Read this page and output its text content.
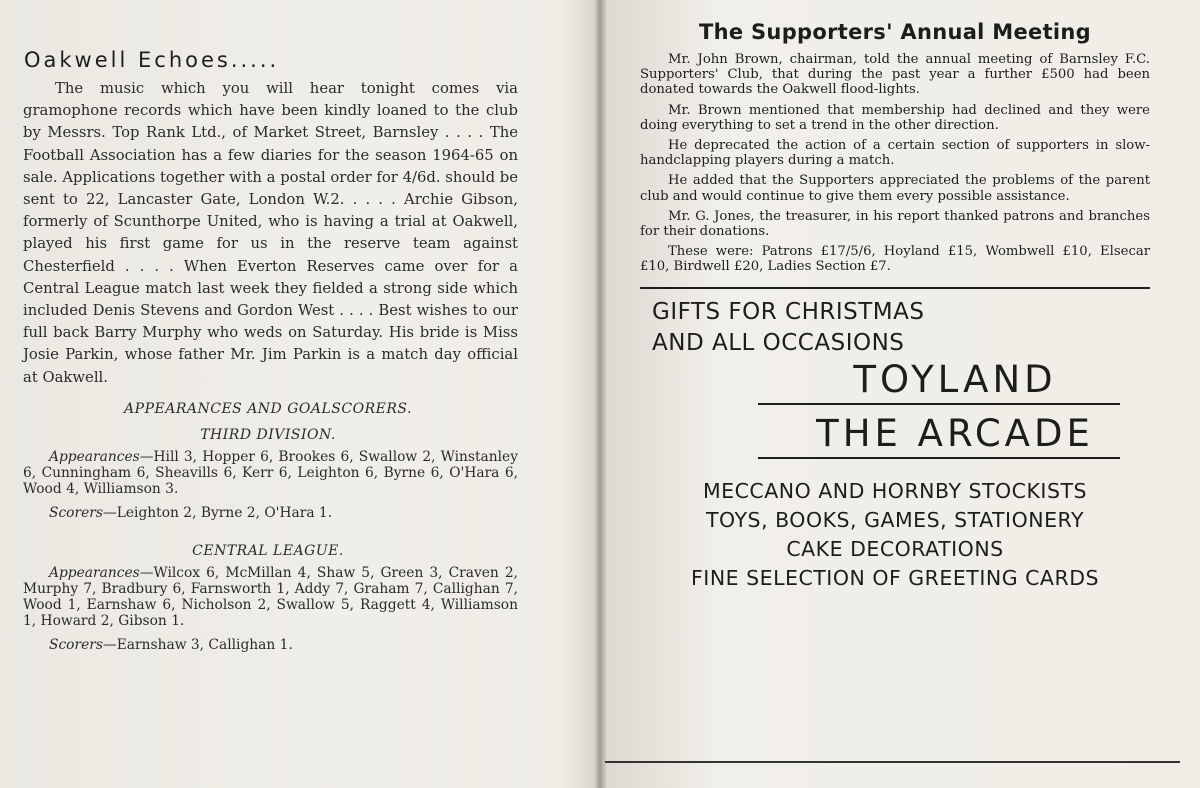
Oakwell Echoes.....

The music which you will hear tonight comes via gramophone records which have been kindly loaned to the club by Messrs. Top Rank Ltd., of Market Street, Barnsley . . . . The Football Association has a few diaries for the season 1964-65 on sale. Applications together with a postal order for 4/6d. should be sent to 22, Lancaster Gate, London W.2. . . . . Archie Gibson, formerly of Scunthorpe United, who is having a trial at Oakwell, played his first game for us in the reserve team against Chesterfield . . . . When Everton Reserves came over for a Central League match last week they fielded a strong side which included Denis Stevens and Gordon West . . . . Best wishes to our full back Barry Murphy who weds on Saturday. His bride is Miss Josie Parkin, whose father Mr. Jim Parkin is a match day official at Oakwell.

APPEARANCES AND GOALSCORERS.
THIRD DIVISION.

Appearances—Hill 3, Hopper 6, Brookes 6, Swallow 2, Winstanley 6, Cunningham 6, Sheavills 6, Kerr 6, Leighton 6, Byrne 6, O'Hara 6, Wood 4, Williamson 3.

Scorers—Leighton 2, Byrne 2, O'Hara 1.

CENTRAL LEAGUE.

Appearances—Wilcox 6, McMillan 4, Shaw 5, Green 3, Craven 2, Murphy 7, Bradbury 6, Farnsworth 1, Addy 7, Graham 7, Callighan 7, Wood 1, Earnshaw 6, Nicholson 2, Swallow 5, Raggett 4, Williamson 1, Howard 2, Gibson 1.

Scorers—Earnshaw 3, Callighan 1.

The Supporters' Annual Meeting

Mr. John Brown, chairman, told the annual meeting of Barnsley F.C. Supporters' Club, that during the past year a further £500 had been donated towards the Oakwell flood-lights.

Mr. Brown mentioned that membership had declined and they were doing everything to set a trend in the other direction.

He deprecated the action of a certain section of supporters in slow-handclapping players during a match.

He added that the Supporters appreciated the problems of the parent club and would continue to give them every possible assistance.

Mr. G. Jones, the treasurer, in his report thanked patrons and branches for their donations.

These were: Patrons £17/5/6, Hoyland £15, Wombwell £10, Elsecar £10, Birdwell £20, Ladies Section £7.

GIFTS FOR CHRISTMAS
AND ALL OCCASIONS
TOYLAND
THE ARCADE
MECCANO AND HORNBY STOCKISTS
TOYS, BOOKS, GAMES, STATIONERY
CAKE DECORATIONS
FINE SELECTION OF GREETING CARDS
